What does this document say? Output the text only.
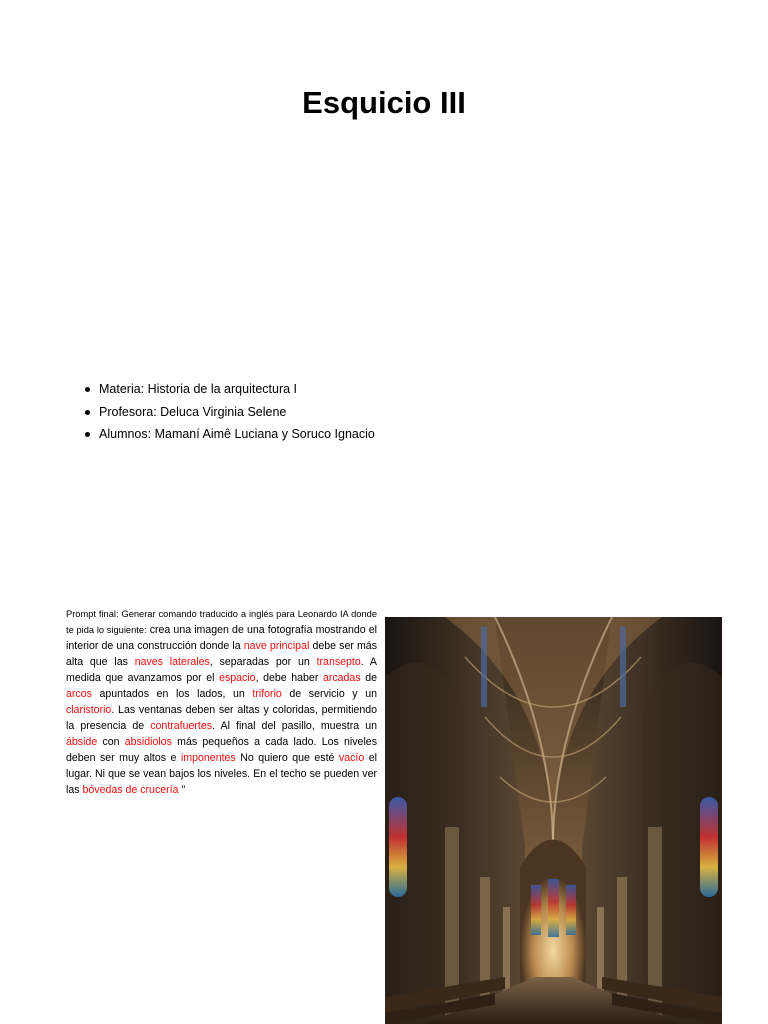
Esquicio III
Materia: Historia de la arquitectura I
Profesora: Deluca Virginia Selene
Alumnos: Mamaní Aimê Luciana y Soruco Ignacio
Prompt final: Generar comando traducido a inglés para Leonardo IA donde te pida lo siguiente: crea una imagen de una fotografía mostrando el interior de una construcción donde la nave principal debe ser más alta que las naves laterales, separadas por un transepto. A medida que avanzamos por el espacio, debe haber arcadas de arcos apuntados en los lados, un triforio de servicio y un claristorio. Las ventanas deben ser altas y coloridas, permitiendo la presencia de contrafuertes. Al final del pasillo, muestra un ábside con absidiolos más pequeños a cada lado. Los niveles deben ser muy altos e imponentes No quiero que esté vacío el lugar. Ni que se vean bajos los niveles. En el techo se pueden ver las bóvedas de crucería "
